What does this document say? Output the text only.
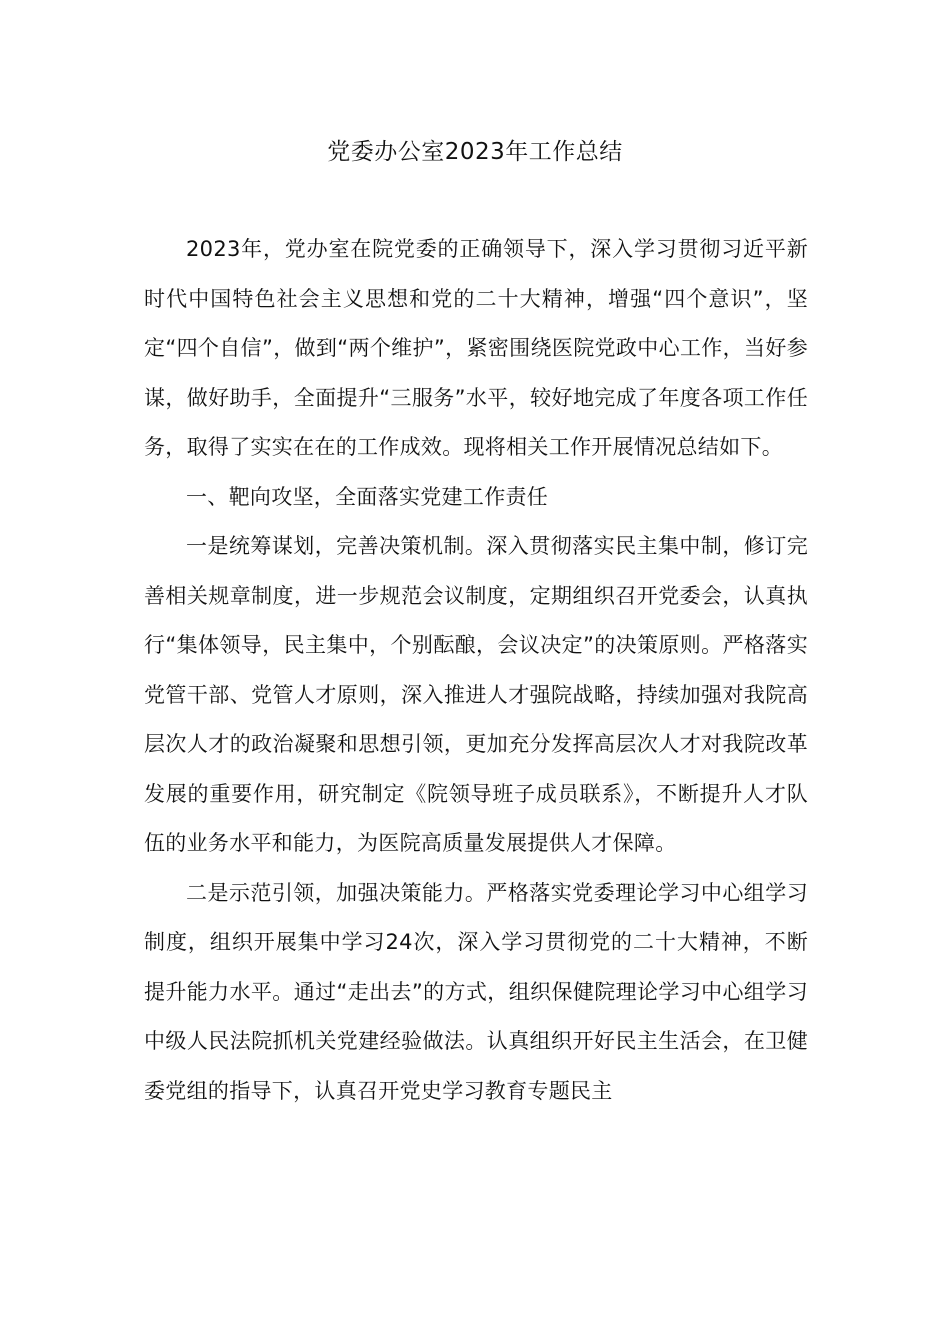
党委办公室2023年工作总结

2023年，党办室在院党委的正确领导下，深入学习贯彻习近平新时代中国特色社会主义思想和党的二十大精神，增强“四个意识”，坚定“四个自信”，做到“两个维护”，紧密围绕医院党政中心工作，当好参谋，做好助手，全面提升“三服务”水平，较好地完成了年度各项工作任务，取得了实实在在的工作成效。现将相关工作开展情况总结如下。

一、靶向攻坚，全面落实党建工作责任

一是统筹谋划，完善决策机制。深入贯彻落实民主集中制，修订完善相关规章制度，进一步规范会议制度，定期组织召开党委会，认真执行“集体领导，民主集中，个别酝酿，会议决定”的决策原则。严格落实党管干部、党管人才原则，深入推进人才强院战略，持续加强对我院高层次人才的政治凝聚和思想引领，更加充分发挥高层次人才对我院改革发展的重要作用，研究制定《院领导班子成员联系》，不断提升人才队伍的业务水平和能力，为医院高质量发展提供人才保障。

二是示范引领，加强决策能力。严格落实党委理论学习中心组学习制度，组织开展集中学习24次，深入学习贯彻党的二十大精神，不断提升能力水平。通过“走出去”的方式，组织保健院理论学习中心组学习中级人民法院抓机关党建经验做法。认真组织开好民主生活会，在卫健委党组的指导下，认真召开党史学习教育专题民主
